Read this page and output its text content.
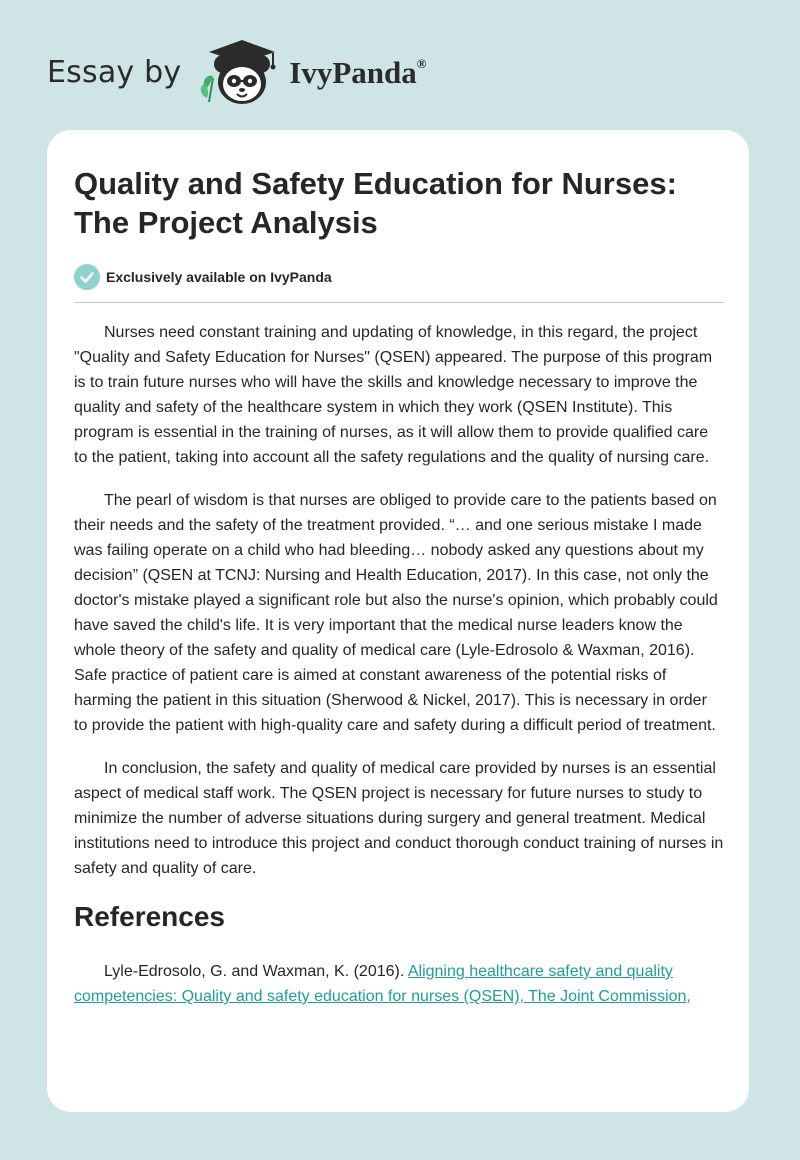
Essay by	IvyPanda®
Quality and Safety Education for Nurses: The Project Analysis
Exclusively available on IvyPanda

Nurses need constant training and updating of knowledge, in this regard, the project "Quality and Safety Education for Nurses" (QSEN) appeared. The purpose of this program is to train future nurses who will have the skills and knowledge necessary to improve the quality and safety of the healthcare system in which they work (QSEN Institute). This program is essential in the training of nurses, as it will allow them to provide qualified care to the patient, taking into account all the safety regulations and the quality of nursing care.

The pearl of wisdom is that nurses are obliged to provide care to the patients based on their needs and the safety of the treatment provided. “… and one serious mistake I made was failing operate on a child who had bleeding… nobody asked any questions about my decision” (QSEN at TCNJ: Nursing and Health Education, 2017). In this case, not only the doctor's mistake played a significant role but also the nurse's opinion, which probably could have saved the child's life. It is very important that the medical nurse leaders know the whole theory of the safety and quality of medical care (Lyle-Edrosolo & Waxman, 2016). Safe practice of patient care is aimed at constant awareness of the potential risks of harming the patient in this situation (Sherwood & Nickel, 2017). This is necessary in order to provide the patient with high-quality care and safety during a difficult period of treatment.

In conclusion, the safety and quality of medical care provided by nurses is an essential aspect of medical staff work. The QSEN project is necessary for future nurses to study to minimize the number of adverse situations during surgery and general treatment. Medical institutions need to introduce this project and conduct thorough conduct training of nurses in safety and quality of care.

References

Lyle-Edrosolo, G. and Waxman, K. (2016). Aligning healthcare safety and quality competencies: Quality and safety education for nurses (QSEN), The Joint Commission,
